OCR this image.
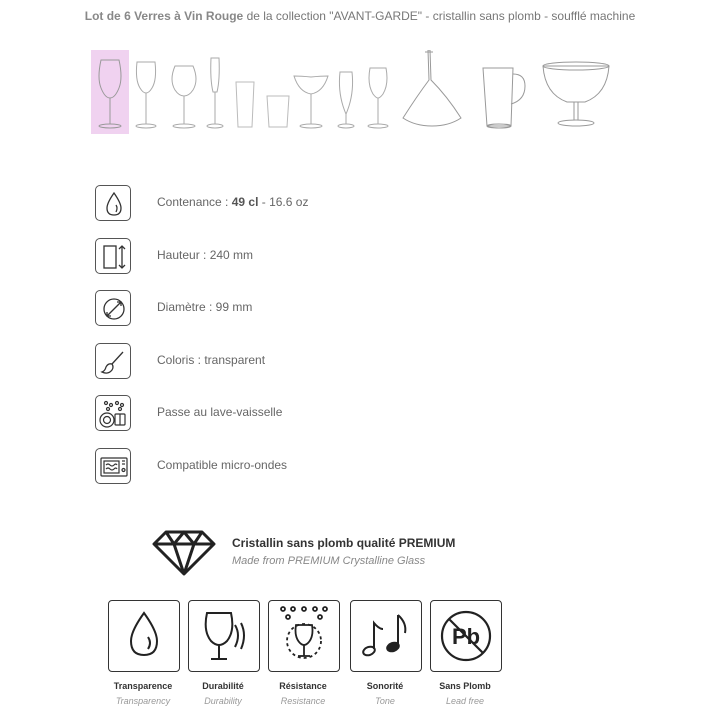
Lot de 6 Verres à Vin Rouge de la collection "AVANT-GARDE" - cristallin sans plomb - soufflé machine
Contenance : 49 cl - 16.6 oz
Hauteur : 240 mm
Diamètre : 99 mm
Coloris : transparent
Passe au lave-vaisselle
Compatible micro-ondes
Cristallin sans plomb qualité PREMIUM
Made from PREMIUM Crystalline Glass
Transparence
Transparency
Durabilité
Durability
Résistance
Resistance
Sonorité
Tone
Pb
Sans Plomb
Lead free
